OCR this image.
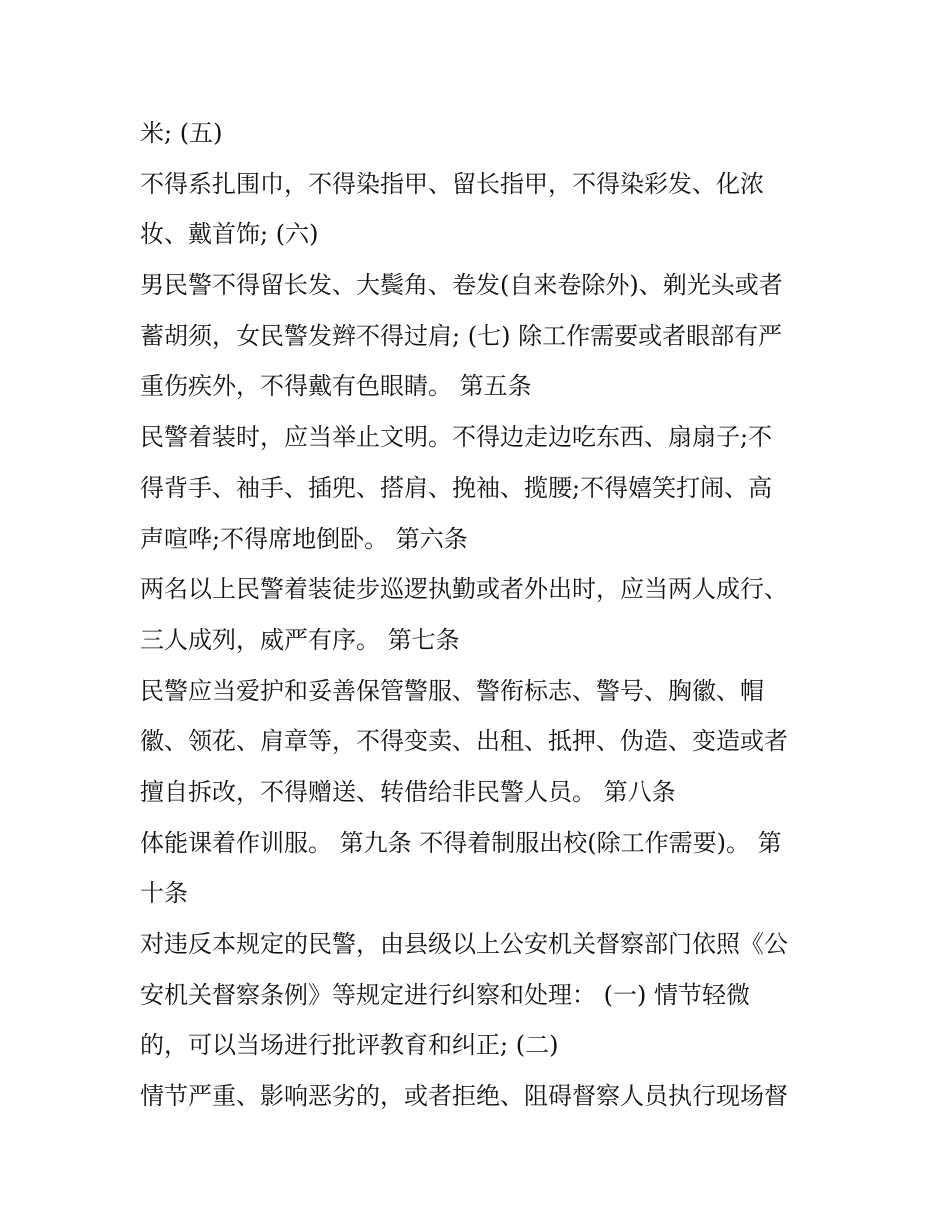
米; (五)
不得系扎围巾，不得染指甲、留长指甲，不得染彩发、化浓
妆、戴首饰; (六)
男民警不得留长发、大鬓角、卷发(自来卷除外)、剃光头或者
蓄胡须，女民警发辫不得过肩; (七) 除工作需要或者眼部有严
重伤疾外，不得戴有色眼睛。 第五条
民警着装时，应当举止文明。不得边走边吃东西、扇扇子;不
得背手、袖手、插兜、搭肩、挽袖、揽腰;不得嬉笑打闹、高
声喧哗;不得席地倒卧。 第六条
两名以上民警着装徒步巡逻执勤或者外出时，应当两人成行、
三人成列，威严有序。 第七条
民警应当爱护和妥善保管警服、警衔标志、警号、胸徽、帽
徽、领花、肩章等，不得变卖、出租、抵押、伪造、变造或者
擅自拆改，不得赠送、转借给非民警人员。 第八条
体能课着作训服。 第九条 不得着制服出校(除工作需要)。 第
十条
对违反本规定的民警，由县级以上公安机关督察部门依照《公
安机关督察条例》等规定进行纠察和处理： (一) 情节轻微
的，可以当场进行批评教育和纠正; (二)
情节严重、影响恶劣的，或者拒绝、阻碍督察人员执行现场督
